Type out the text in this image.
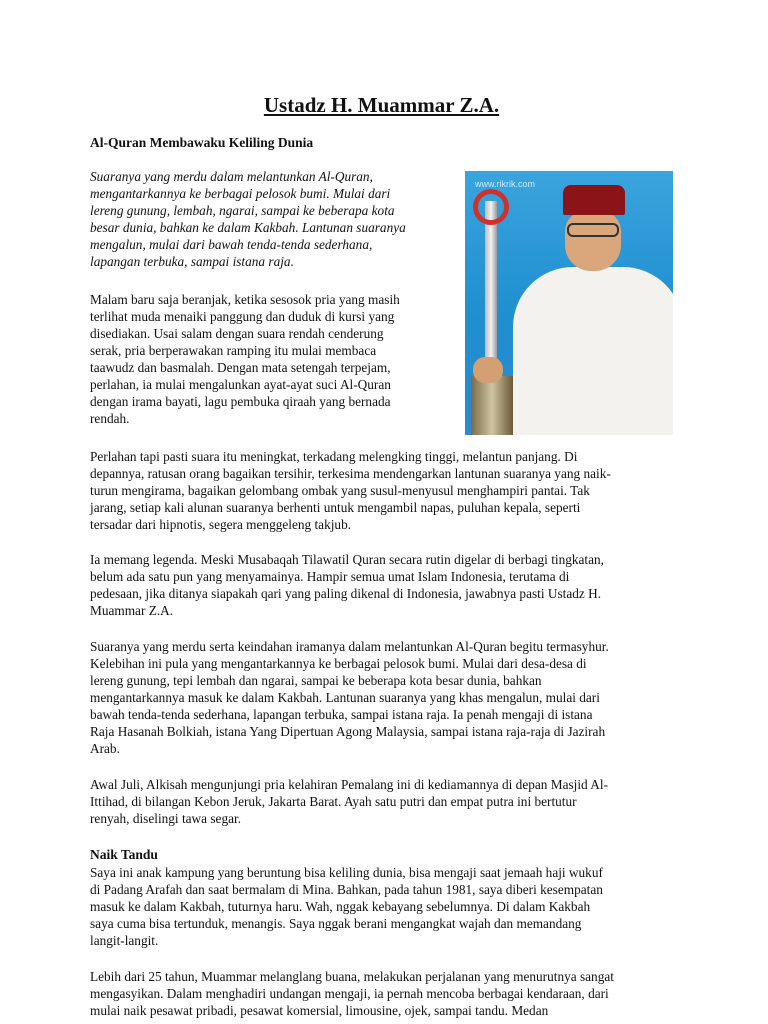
Ustadz H. Muammar Z.A.
Al-Quran Membawaku Keliling Dunia
www.rikrik.com
Suaranya yang merdu dalam melantunkan Al-Quran,
mengantarkannya ke berbagai pelosok bumi. Mulai dari
lereng gunung, lembah, ngarai, sampai ke beberapa kota
besar dunia, bahkan ke dalam Kakbah. Lantunan suaranya
mengalun, mulai dari bawah tenda-tenda sederhana,
lapangan terbuka, sampai istana raja.
Malam baru saja beranjak, ketika sesosok pria yang masih
terlihat muda menaiki panggung dan duduk di kursi yang
disediakan. Usai salam dengan suara rendah cenderung
serak, pria berperawakan ramping itu mulai membaca
taawudz dan basmalah. Dengan mata setengah terpejam,
perlahan, ia mulai mengalunkan ayat-ayat suci Al-Quran
dengan irama bayati, lagu pembuka qiraah yang bernada
rendah.
Perlahan tapi pasti suara itu meningkat, terkadang melengking tinggi, melantun panjang. Di
depannya, ratusan orang bagaikan tersihir, terkesima mendengarkan lantunan suaranya yang naik-
turun mengirama, bagaikan gelombang ombak yang susul-menyusul menghampiri pantai. Tak
jarang, setiap kali alunan suaranya berhenti untuk mengambil napas, puluhan kepala, seperti
tersadar dari hipnotis, segera menggeleng takjub.
Ia memang legenda. Meski Musabaqah Tilawatil Quran secara rutin digelar di berbagi tingkatan,
belum ada satu pun yang menyamainya. Hampir semua umat Islam Indonesia, terutama di
pedesaan, jika ditanya siapakah qari yang paling dikenal di Indonesia, jawabnya pasti Ustadz H.
Muammar Z.A.
Suaranya yang merdu serta keindahan iramanya dalam melantunkan Al-Quran begitu termasyhur.
Kelebihan ini pula yang mengantarkannya ke berbagai pelosok bumi. Mulai dari desa-desa di
lereng gunung, tepi lembah dan ngarai, sampai ke beberapa kota besar dunia, bahkan
mengantarkannya masuk ke dalam Kakbah. Lantunan suaranya yang khas mengalun, mulai dari
bawah tenda-tenda sederhana, lapangan terbuka, sampai istana raja. Ia penah mengaji di istana
Raja Hasanah Bolkiah, istana Yang Dipertuan Agong Malaysia, sampai istana raja-raja di Jazirah
Arab.
Awal Juli, Alkisah mengunjungi pria kelahiran Pemalang ini di kediamannya di depan Masjid Al-
Ittihad, di bilangan Kebon Jeruk, Jakarta Barat. Ayah satu putri dan empat putra ini bertutur
renyah, diselingi tawa segar.
Naik Tandu
Saya ini anak kampung yang beruntung bisa keliling dunia, bisa mengaji saat jemaah haji wukuf
di Padang Arafah dan saat bermalam di Mina. Bahkan, pada tahun 1981, saya diberi kesempatan
masuk ke dalam Kakbah, tuturnya haru. Wah, nggak kebayang sebelumnya. Di dalam Kakbah
saya cuma bisa tertunduk, menangis. Saya nggak berani mengangkat wajah dan memandang
langit-langit.
Lebih dari 25 tahun, Muammar melanglang buana, melakukan perjalanan yang menurutnya sangat
mengasyikan. Dalam menghadiri undangan mengaji, ia pernah mencoba berbagai kendaraan, dari
mulai naik pesawat pribadi, pesawat komersial, limousine, ojek, sampai tandu. Medan
